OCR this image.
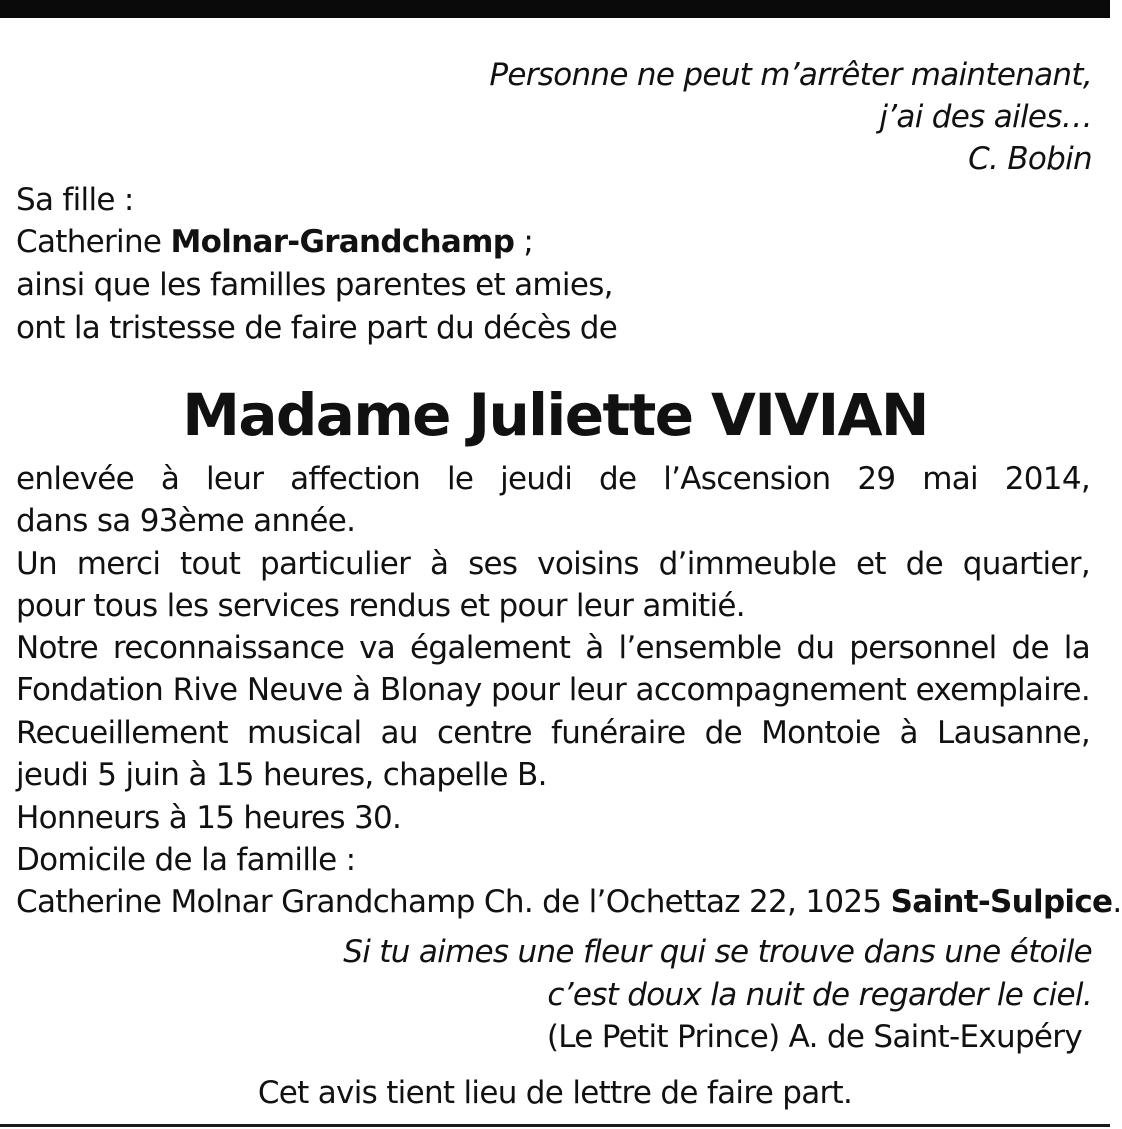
Personne ne peut m’arrêter maintenant,
j’ai des ailes…
C. Bobin
Sa fille :
Catherine Molnar-Grandchamp ;
ainsi que les familles parentes et amies,
ont la tristesse de faire part du décès de
Madame Juliette VIVIAN
enlevée à leur affection le jeudi de l’Ascension 29 mai 2014,
dans sa 93ème année.
Un merci tout particulier à ses voisins d’immeuble et de quartier,
pour tous les services rendus et pour leur amitié.
Notre reconnaissance va également à l’ensemble du personnel de la
Fondation Rive Neuve à Blonay pour leur accompagnement exemplaire.
Recueillement musical au centre funéraire de Montoie à Lausanne,
jeudi 5 juin à 15 heures, chapelle B.
Honneurs à 15 heures 30.
Domicile de la famille :
Catherine Molnar Grandchamp Ch. de l’Ochettaz 22, 1025 Saint-Sulpice.
Si tu aimes une fleur qui se trouve dans une étoile
c’est doux la nuit de regarder le ciel.
(Le Petit Prince) A. de Saint-Exupéry
Cet avis tient lieu de lettre de faire part.
